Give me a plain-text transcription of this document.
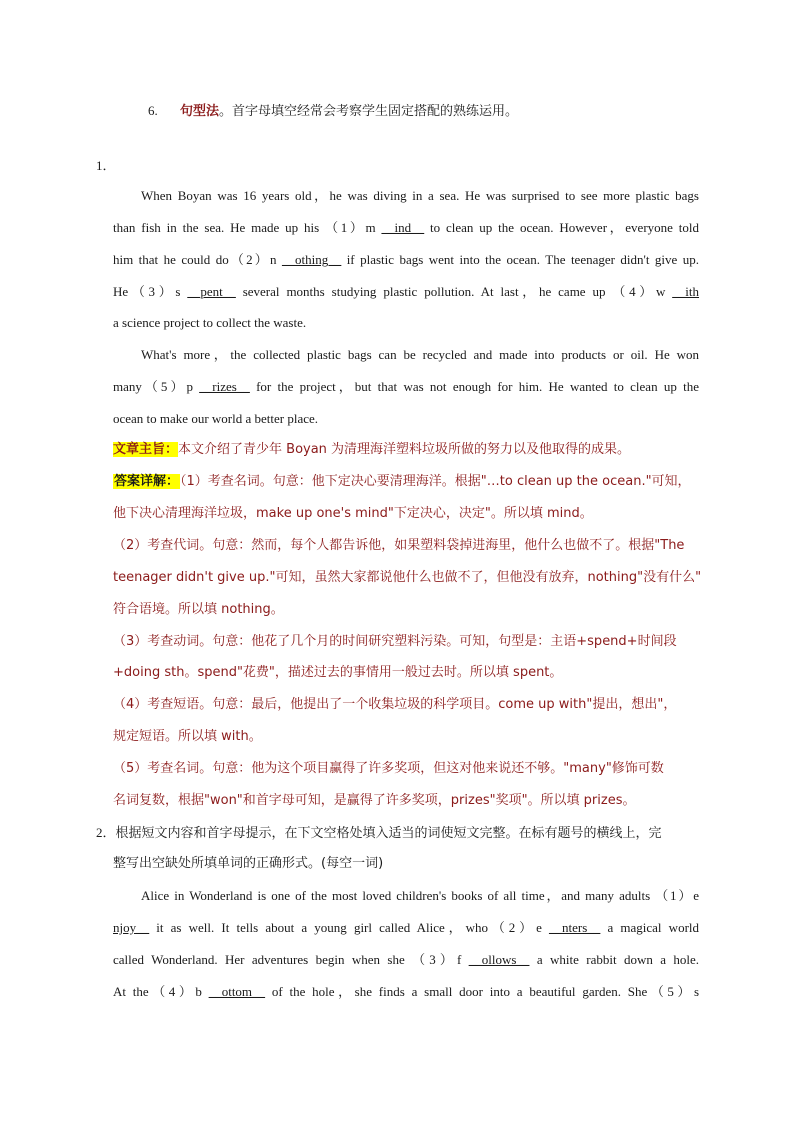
6. 句型法。首字母填空经常会考察学生固定搭配的熟练运用。
1．
When Boyan was 16 years old，he was diving in a sea. He was surprised to see more plastic bags
than fish in the sea. He made up his （1）m __ind__ to clean up the ocean. However，everyone told
him that he could do（2）n __othing__ if plastic bags went into the ocean. The teenager didn't give up.
He（3）s __pent__ several months studying plastic pollution. At last，he came up （4）w __ith
a science project to collect the waste.
What's more，the collected plastic bags can be recycled and made into products or oil. He won
many（5）p __rizes__ for the project，but that was not enough for him. He wanted to clean up the
ocean to make our world a better place.
文章主旨：本文介绍了青少年 Boyan 为清理海洋塑料垃圾所做的努力以及他取得的成果。
答案详解：（1）考查名词。句意：他下定决心要清理海洋。根据"…to clean up the ocean."可知，
他下决心清理海洋垃圾，make up one's mind"下定决心，决定"。所以填 mind。
（2）考查代词。句意：然而，每个人都告诉他，如果塑料袋掉进海里，他什么也做不了。根据"The
teenager didn't give up."可知，虽然大家都说他什么也做不了，但他没有放弃，nothing"没有什么"
符合语境。所以填 nothing。
（3）考查动词。句意：他花了几个月的时间研究塑料污染。可知，句型是：主语+spend+时间段
+doing sth。spend"花费"，描述过去的事情用一般过去时。所以填 spent。
（4）考查短语。句意：最后，他提出了一个收集垃圾的科学项目。come up with"提出，想出"，
规定短语。所以填 with。
（5）考查名词。句意：他为这个项目赢得了许多奖项，但这对他来说还不够。"many"修饰可数
名词复数，根据"won"和首字母可知，是赢得了许多奖项，prizes"奖项"。所以填 prizes。
2．根据短文内容和首字母提示，在下文空格处填入适当的词使短文完整。在标有题号的横线上，完
整写出空缺处所填单词的正确形式。(每空一词)
Alice in Wonderland is one of the most loved children's books of all time，and many adults （1）e
njoy__ it as well. It tells about a young girl called Alice，who（2）e __nters__ a magical world
called Wonderland. Her adventures begin when she （3）f __ollows__ a white rabbit down a hole.
At the（4）b __ottom__ of the hole，she finds a small door into a beautiful garden. She（5）s
